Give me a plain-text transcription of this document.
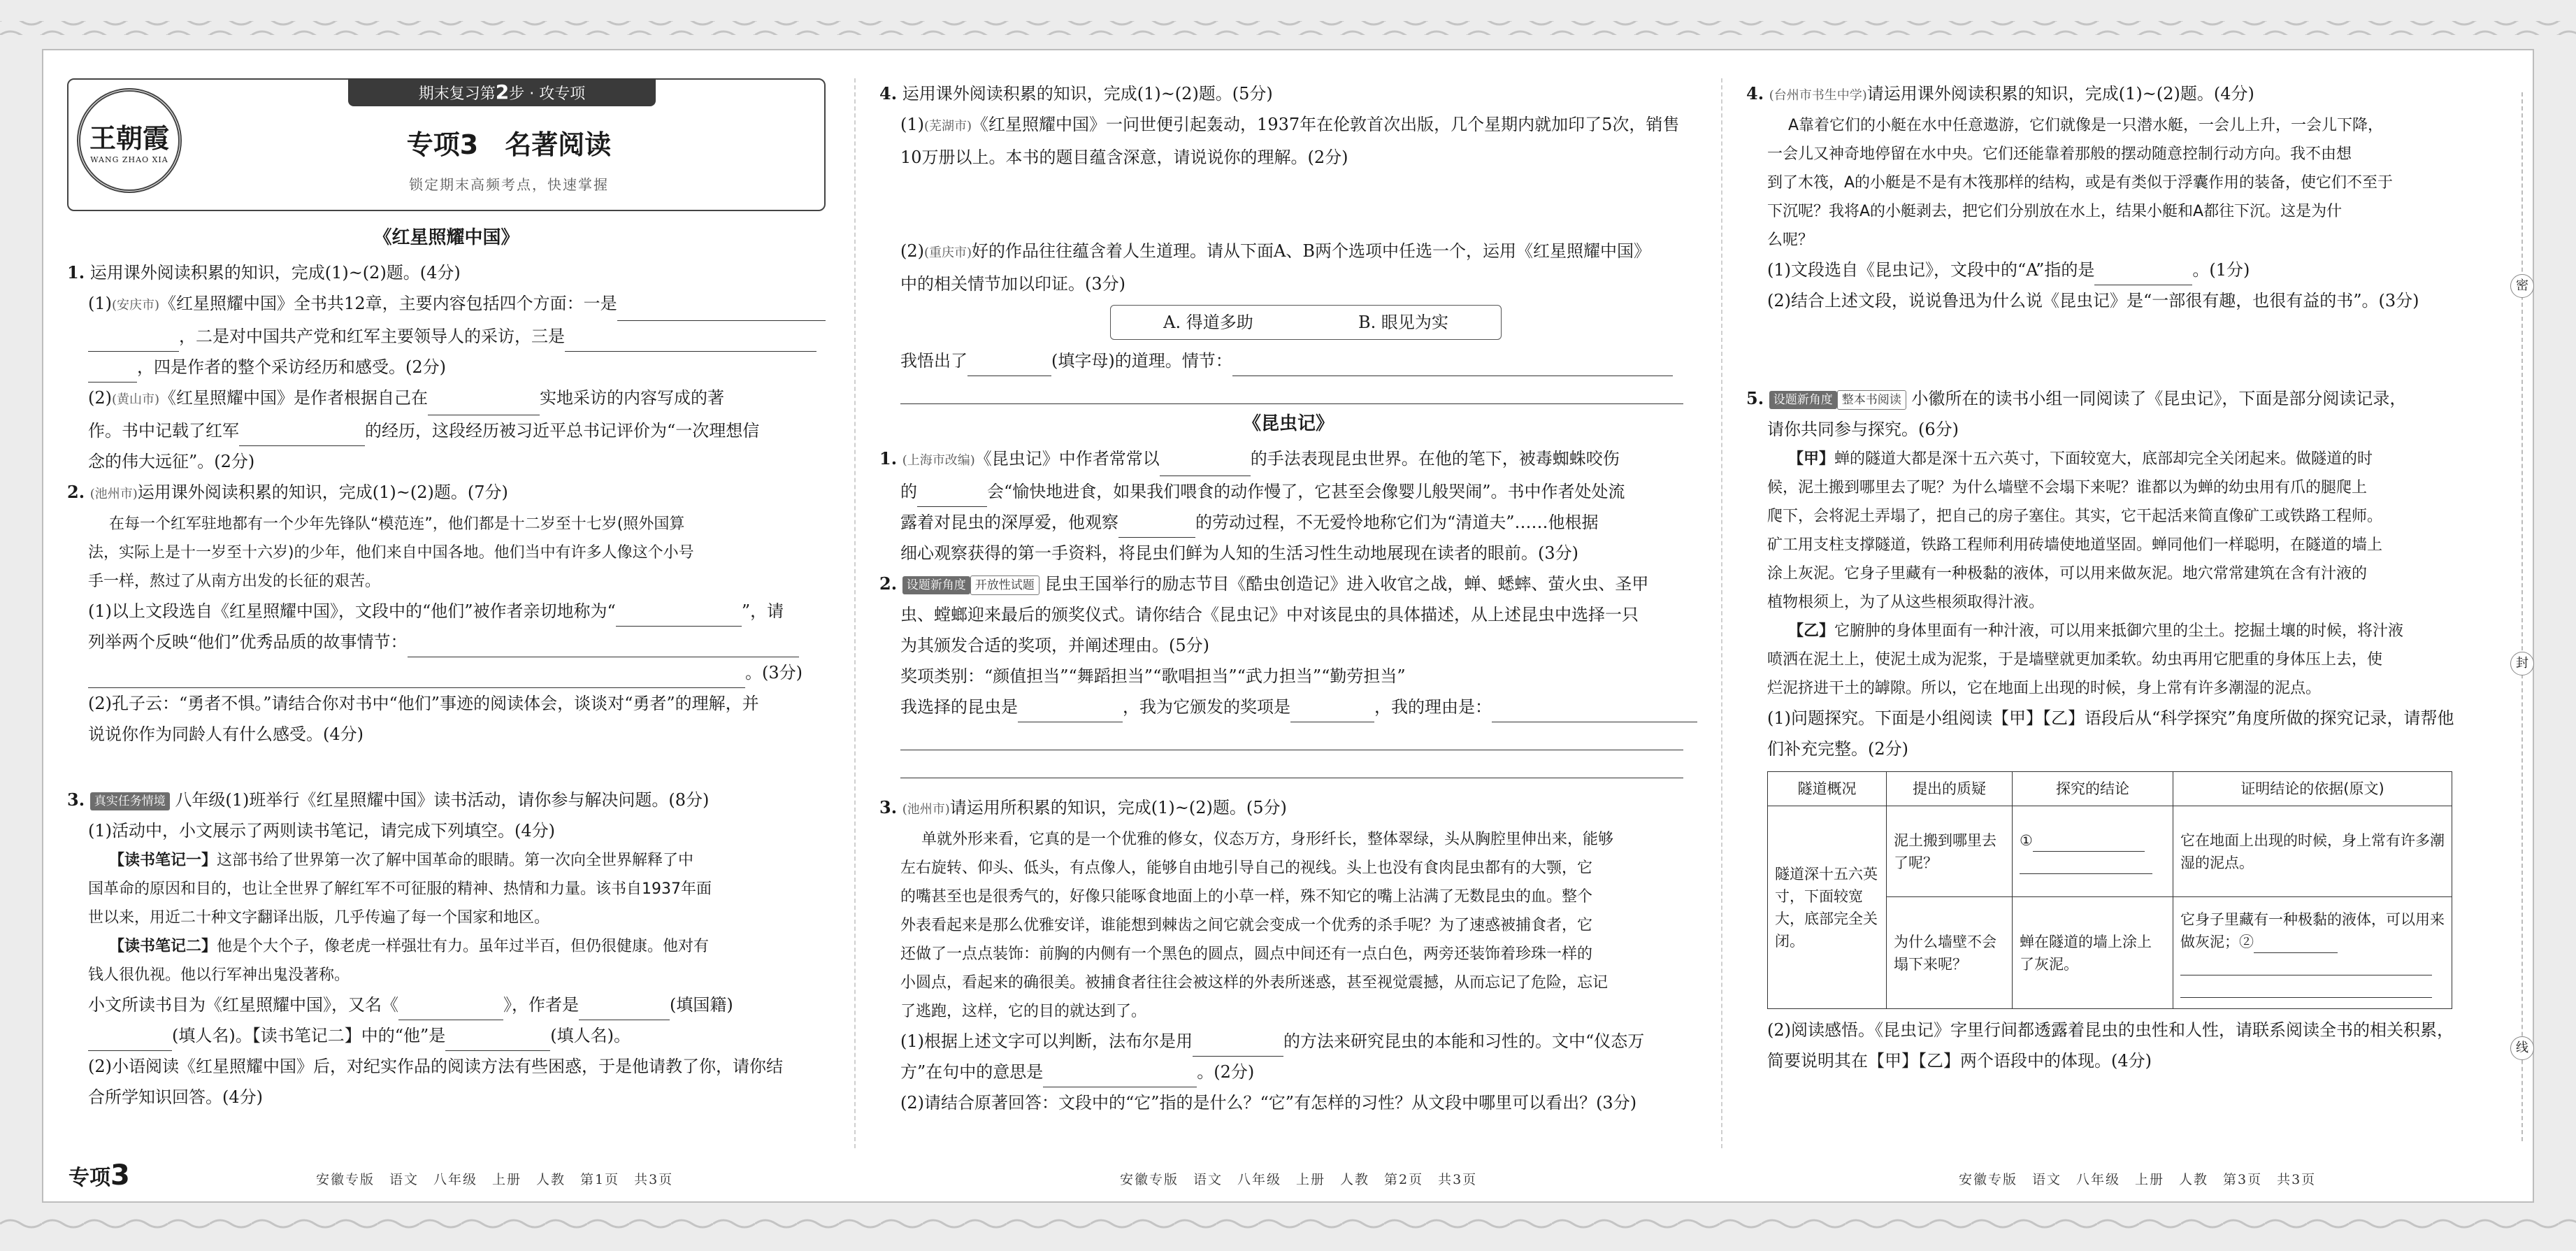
王朝霞
WANG ZHAO XIA
期末复习第2步 · 攻专项
专项3　名著阅读
锁定期末高频考点，快速掌握
《红星照耀中国》

1. 运用课外阅读积累的知识，完成(1)~(2)题。(4分)

(1)(安庆市)《红星照耀中国》全书共12章，主要内容包括四个方面：一是

，二是对中国共产党和红军主要领导人的采访，三是

，四是作者的整个采访经历和感受。(2分)

(2)(黄山市)《红星照耀中国》是作者根据自己在	实地采访的内容写成的著

作。书中记载了红军	的经历，这段经历被习近平总书记评价为“一次理想信

念的伟大远征”。(2分)

2. (池州市)运用课外阅读积累的知识，完成(1)~(2)题。(7分)

在每一个红军驻地都有一个少年先锋队“模范连”，他们都是十二岁至十七岁(照外国算

法，实际上是十一岁至十六岁)的少年，他们来自中国各地。他们当中有许多人像这个小号

手一样，熬过了从南方出发的长征的艰苦。

(1)以上文段选自《红星照耀中国》，文段中的“他们”被作者亲切地称为“	”，请

列举两个反映“他们”优秀品质的故事情节：

。(3分)

(2)孔子云：“勇者不惧。”请结合你对书中“他们”事迹的阅读体会，谈谈对“勇者”的理解，并

说说你作为同龄人有什么感受。(4分)

3. 真实任务情境 八年级(1)班举行《红星照耀中国》读书活动，请你参与解决问题。(8分)

(1)活动中，小文展示了两则读书笔记，请完成下列填空。(4分)

【读书笔记一】这部书给了世界第一次了解中国革命的眼睛。第一次向全世界解释了中

国革命的原因和目的，也让全世界了解红军不可征服的精神、热情和力量。该书自1937年面

世以来，用近二十种文字翻译出版，几乎传遍了每一个国家和地区。

【读书笔记二】他是个大个子，像老虎一样强壮有力。虽年过半百，但仍很健康。他对有

钱人很仇视。他以行军神出鬼没著称。

小文所读书目为《红星照耀中国》，又名《	》，作者是	(填国籍)

(填人名)。【读书笔记二】中的“他”是	(填人名)。

(2)小语阅读《红星照耀中国》后，对纪实作品的阅读方法有些困惑，于是他请教了你，请你结

合所学知识回答。(4分)

4. 运用课外阅读积累的知识，完成(1)~(2)题。(5分)

(1)(芜湖市)《红星照耀中国》一问世便引起轰动，1937年在伦敦首次出版，几个星期内就加印了5次，销售

10万册以上。本书的题目蕴含深意，请说说你的理解。(2分)

(2)(重庆市)好的作品往往蕴含着人生道理。请从下面A、B两个选项中任选一个，运用《红星照耀中国》

中的相关情节加以印证。(3分)

A. 得道多助	B. 眼见为实

我悟出了	(填字母)的道理。情节：

《昆虫记》

1. (上海市改编)《昆虫记》中作者常常以	的手法表现昆虫世界。在他的笔下，被毒蜘蛛咬伤

的	会“愉快地进食，如果我们喂食的动作慢了，它甚至会像婴儿般哭闹”。书中作者处处流

露着对昆虫的深厚爱，他观察	的劳动过程，不无爱怜地称它们为“清道夫”……他根据

细心观察获得的第一手资料，将昆虫们鲜为人知的生活习性生动地展现在读者的眼前。(3分)

2. 设题新角度 开放性试题 昆虫王国举行的励志节目《酷虫创造记》进入收官之战，蝉、蟋蟀、萤火虫、圣甲

虫、螳螂迎来最后的颁奖仪式。请你结合《昆虫记》中对该昆虫的具体描述，从上述昆虫中选择一只

为其颁发合适的奖项，并阐述理由。(5分)

奖项类别：“颜值担当”“舞蹈担当”“歌唱担当”“武力担当”“勤劳担当”

我选择的昆虫是	，我为它颁发的奖项是	，我的理由是：

3. (池州市)请运用所积累的知识，完成(1)~(2)题。(5分)

单就外形来看，它真的是一个优雅的修女，仪态万方，身形纤长，整体翠绿，头从胸腔里伸出来，能够

左右旋转、仰头、低头，有点像人，能够自由地引导自己的视线。头上也没有食肉昆虫都有的大颚，它

的嘴甚至也是很秀气的，好像只能啄食地面上的小草一样，殊不知它的嘴上沾满了无数昆虫的血。整个

外表看起来是那么优雅安详，谁能想到棘齿之间它就会变成一个优秀的杀手呢？为了速惑被捕食者，它

还做了一点点装饰：前胸的内侧有一个黑色的圆点，圆点中间还有一点白色，两旁还装饰着珍珠一样的

小圆点，看起来的确很美。被捕食者往往会被这样的外表所迷惑，甚至视觉震撼，从而忘记了危险，忘记

了逃跑，这样，它的目的就达到了。

(1)根据上述文字可以判断，法布尔是用	的方法来研究昆虫的本能和习性的。文中“仪态万

方”在句中的意思是	。(2分)

(2)请结合原著回答：文段中的“它”指的是什么？“它”有怎样的习性？从文段中哪里可以看出？(3分)

4. (台州市书生中学)请运用课外阅读积累的知识，完成(1)~(2)题。(4分)

A靠着它们的小艇在水中任意遨游，它们就像是一只潜水艇，一会儿上升，一会儿下降，

一会儿又神奇地停留在水中央。它们还能靠着那般的摆动随意控制行动方向。我不由想

到了木筏，A的小艇是不是有木筏那样的结构，或是有类似于浮囊作用的装备，使它们不至于

下沉呢？我将A的小艇剥去，把它们分别放在水上，结果小艇和A都往下沉。这是为什

么呢？

(1)文段选自《昆虫记》，文段中的“A”指的是	。(1分)

(2)结合上述文段，说说鲁迅为什么说《昆虫记》是“一部很有趣，也很有益的书”。(3分)

5. 设题新角度 整本书阅读 小徽所在的读书小组一同阅读了《昆虫记》，下面是部分阅读记录，

请你共同参与探究。(6分)

【甲】蝉的隧道大都是深十五六英寸，下面较宽大，底部却完全关闭起来。做隧道的时

候，泥土搬到哪里去了呢？为什么墙壁不会塌下来呢？谁都以为蝉的幼虫用有爪的腿爬上

爬下，会将泥土弄塌了，把自己的房子塞住。其实，它干起活来简直像矿工或铁路工程师。

矿工用支柱支撑隧道，铁路工程师利用砖墙使地道坚固。蝉同他们一样聪明，在隧道的墙上

涂上灰泥。它身子里藏有一种极黏的液体，可以用来做灰泥。地穴常常建筑在含有汁液的

植物根须上，为了从这些根须取得汁液。

【乙】它腑肿的身体里面有一种汁液，可以用来抵御穴里的尘土。挖掘土壤的时候，将汁液

喷洒在泥土上，使泥土成为泥浆，于是墙壁就更加柔软。幼虫再用它肥重的身体压上去，使

烂泥挤进干土的罅隙。所以，它在地面上出现的时候，身上常有许多潮湿的泥点。

(1)问题探究。下面是小组阅读【甲】【乙】语段后从“科学探究”角度所做的探究记录，请帮他

们补充完整。(2分)

隧道概况	提出的质疑	探究的结论	证明结论的依据(原文)
隧道深十五六英寸，下面较宽大，底部完全关闭。	泥土搬到哪里去了呢？	①	它在地面上出现的时候，身上常有许多潮湿的泥点。
	为什么墙壁不会塌下来呢？	蝉在隧道的墙上涂上了灰泥。	它身子里藏有一种极黏的液体，可以用来做灰泥；②

(2)阅读感悟。《昆虫记》字里行间都透露着昆虫的虫性和人性，请联系阅读全书的相关积累，

简要说明其在【甲】【乙】两个语段中的体现。(4分)

密
封
线
专项3	安徽专版　语文　八年级　上册　人教　第1页　共3页	安徽专版　语文　八年级　上册　人教　第2页　共3页	安徽专版　语文　八年级　上册　人教　第3页　共3页
